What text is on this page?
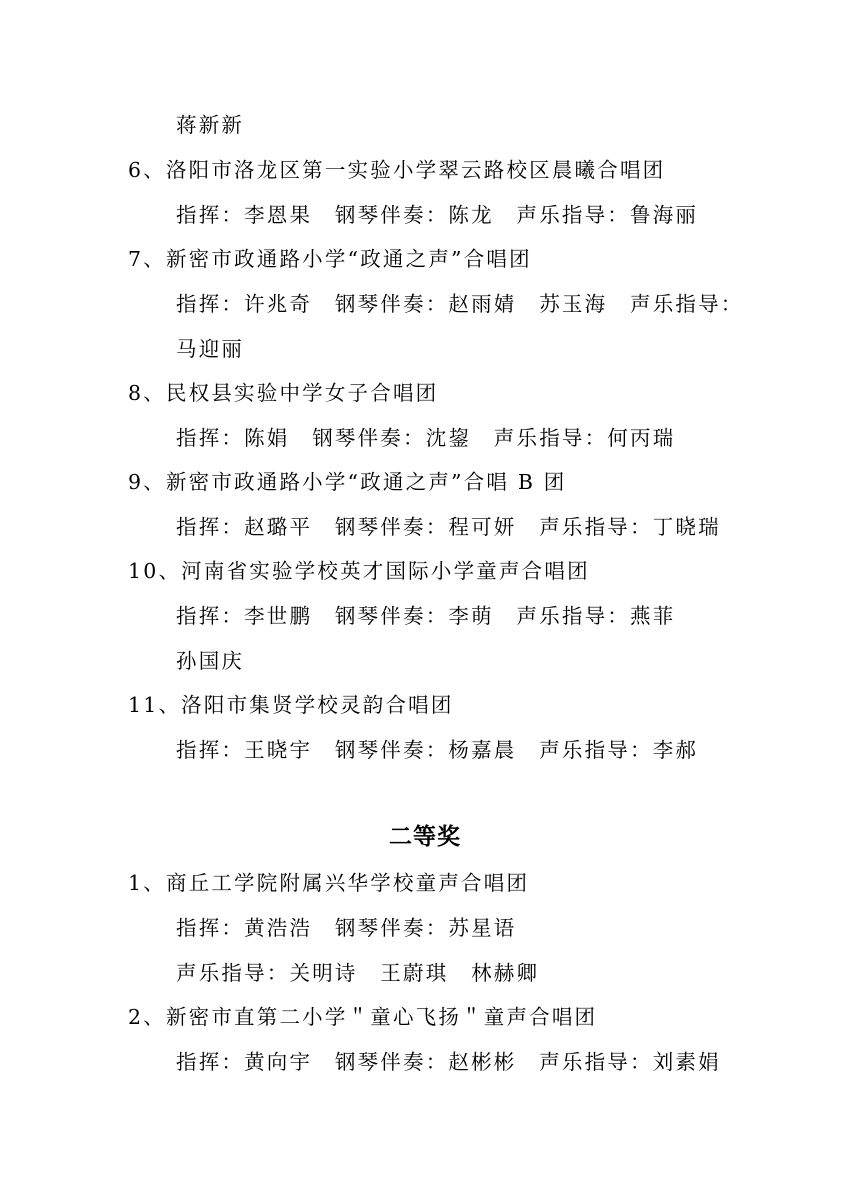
蒋新新
6、洛阳市洛龙区第一实验小学翠云路校区晨曦合唱团
指挥：李恩果　钢琴伴奏：陈龙　声乐指导：鲁海丽
7、新密市政通路小学“政通之声”合唱团
指挥：许兆奇　钢琴伴奏：赵雨婧　苏玉海　声乐指导：
马迎丽
8、民权县实验中学女子合唱团
指挥：陈娟　钢琴伴奏：沈鋆　声乐指导：何丙瑞
9、新密市政通路小学“政通之声”合唱 B 团
指挥：赵璐平　钢琴伴奏：程可妍　声乐指导：丁晓瑞
10、河南省实验学校英才国际小学童声合唱团
指挥：李世鹏　钢琴伴奏：李萌　声乐指导：燕菲
孙国庆
11、洛阳市集贤学校灵韵合唱团
指挥：王晓宇　钢琴伴奏：杨嘉晨　声乐指导：李郝
二等奖
1、商丘工学院附属兴华学校童声合唱团
指挥：黄浩浩　钢琴伴奏：苏星语
声乐指导：关明诗　王蔚琪　林赫卿
2、新密市直第二小学＂童心飞扬＂童声合唱团
指挥：黄向宇　钢琴伴奏：赵彬彬　声乐指导：刘素娟
